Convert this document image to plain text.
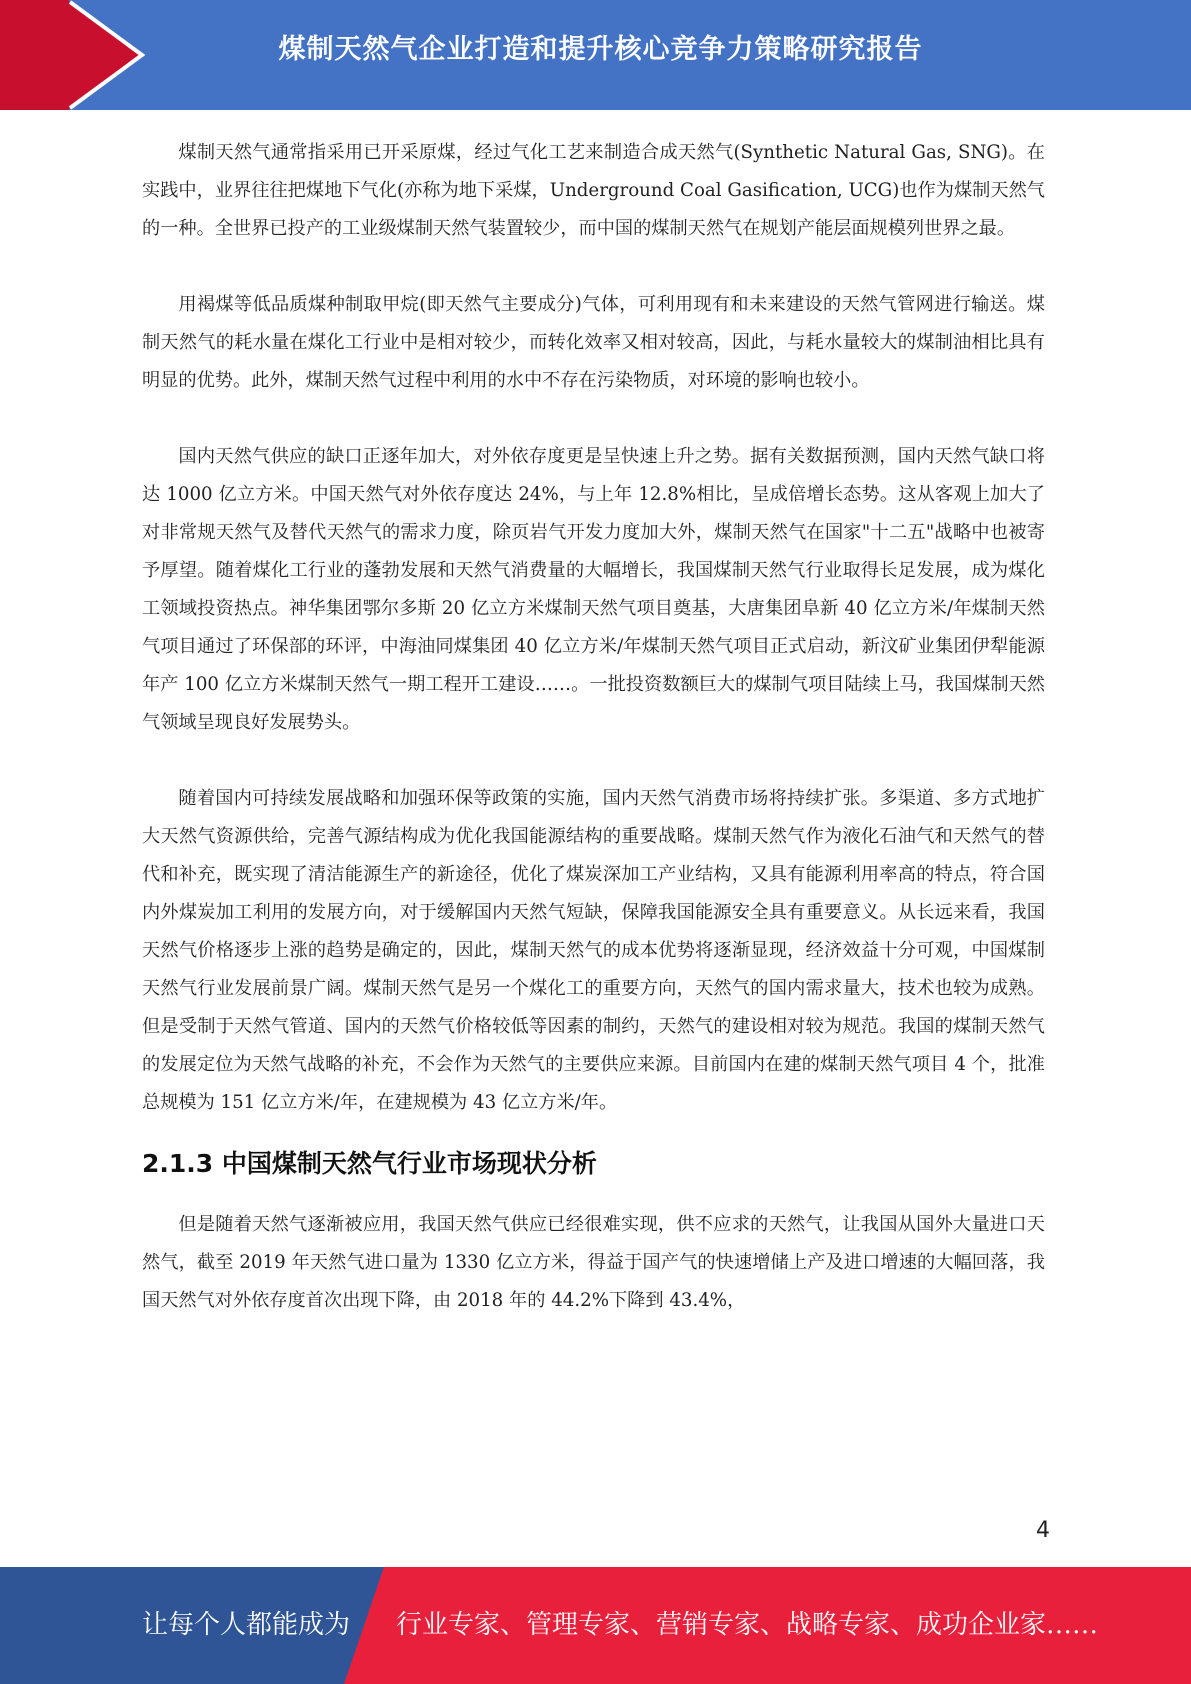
煤制天然气企业打造和提升核心竞争力策略研究报告

煤制天然气通常指采用已开采原煤，经过气化工艺来制造合成天然气(Synthetic Natural Gas, SNG)。在实践中，业界往往把煤地下气化(亦称为地下采煤，Underground Coal Gasification, UCG)也作为煤制天然气的一种。全世界已投产的工业级煤制天然气装置较少，而中国的煤制天然气在规划产能层面规模列世界之最。

用褐煤等低品质煤种制取甲烷(即天然气主要成分)气体，可利用现有和未来建设的天然气管网进行输送。煤制天然气的耗水量在煤化工行业中是相对较少，而转化效率又相对较高，因此，与耗水量较大的煤制油相比具有明显的优势。此外，煤制天然气过程中利用的水中不存在污染物质，对环境的影响也较小。

国内天然气供应的缺口正逐年加大，对外依存度更是呈快速上升之势。据有关数据预测，国内天然气缺口将达 1000 亿立方米。中国天然气对外依存度达 24%，与上年 12.8%相比，呈成倍增长态势。这从客观上加大了对非常规天然气及替代天然气的需求力度，除页岩气开发力度加大外，煤制天然气在国家"十二五"战略中也被寄予厚望。随着煤化工行业的蓬勃发展和天然气消费量的大幅增长，我国煤制天然气行业取得长足发展，成为煤化工领域投资热点。神华集团鄂尔多斯 20 亿立方米煤制天然气项目奠基，大唐集团阜新 40 亿立方米/年煤制天然气项目通过了环保部的环评，中海油同煤集团 40 亿立方米/年煤制天然气项目正式启动，新汶矿业集团伊犁能源年产 100 亿立方米煤制天然气一期工程开工建设……。一批投资数额巨大的煤制气项目陆续上马，我国煤制天然气领域呈现良好发展势头。

随着国内可持续发展战略和加强环保等政策的实施，国内天然气消费市场将持续扩张。多渠道、多方式地扩大天然气资源供给，完善气源结构成为优化我国能源结构的重要战略。煤制天然气作为液化石油气和天然气的替代和补充，既实现了清洁能源生产的新途径，优化了煤炭深加工产业结构，又具有能源利用率高的特点，符合国内外煤炭加工利用的发展方向，对于缓解国内天然气短缺，保障我国能源安全具有重要意义。从长远来看，我国天然气价格逐步上涨的趋势是确定的，因此，煤制天然气的成本优势将逐渐显现，经济效益十分可观，中国煤制天然气行业发展前景广阔。煤制天然气是另一个煤化工的重要方向，天然气的国内需求量大，技术也较为成熟。但是受制于天然气管道、国内的天然气价格较低等因素的制约，天然气的建设相对较为规范。我国的煤制天然气的发展定位为天然气战略的补充，不会作为天然气的主要供应来源。目前国内在建的煤制天然气项目 4 个，批准总规模为 151 亿立方米/年，在建规模为 43 亿立方米/年。

2.1.3 中国煤制天然气行业市场现状分析

但是随着天然气逐渐被应用，我国天然气供应已经很难实现，供不应求的天然气，让我国从国外大量进口天然气，截至 2019 年天然气进口量为 1330 亿立方米，得益于国产气的快速增储上产及进口增速的大幅回落，我国天然气对外依存度首次出现下降，由 2018 年的 44.2%下降到 43.4%，

4
让每个人都能成为 行业专家、管理专家、营销专家、战略专家、成功企业家……
